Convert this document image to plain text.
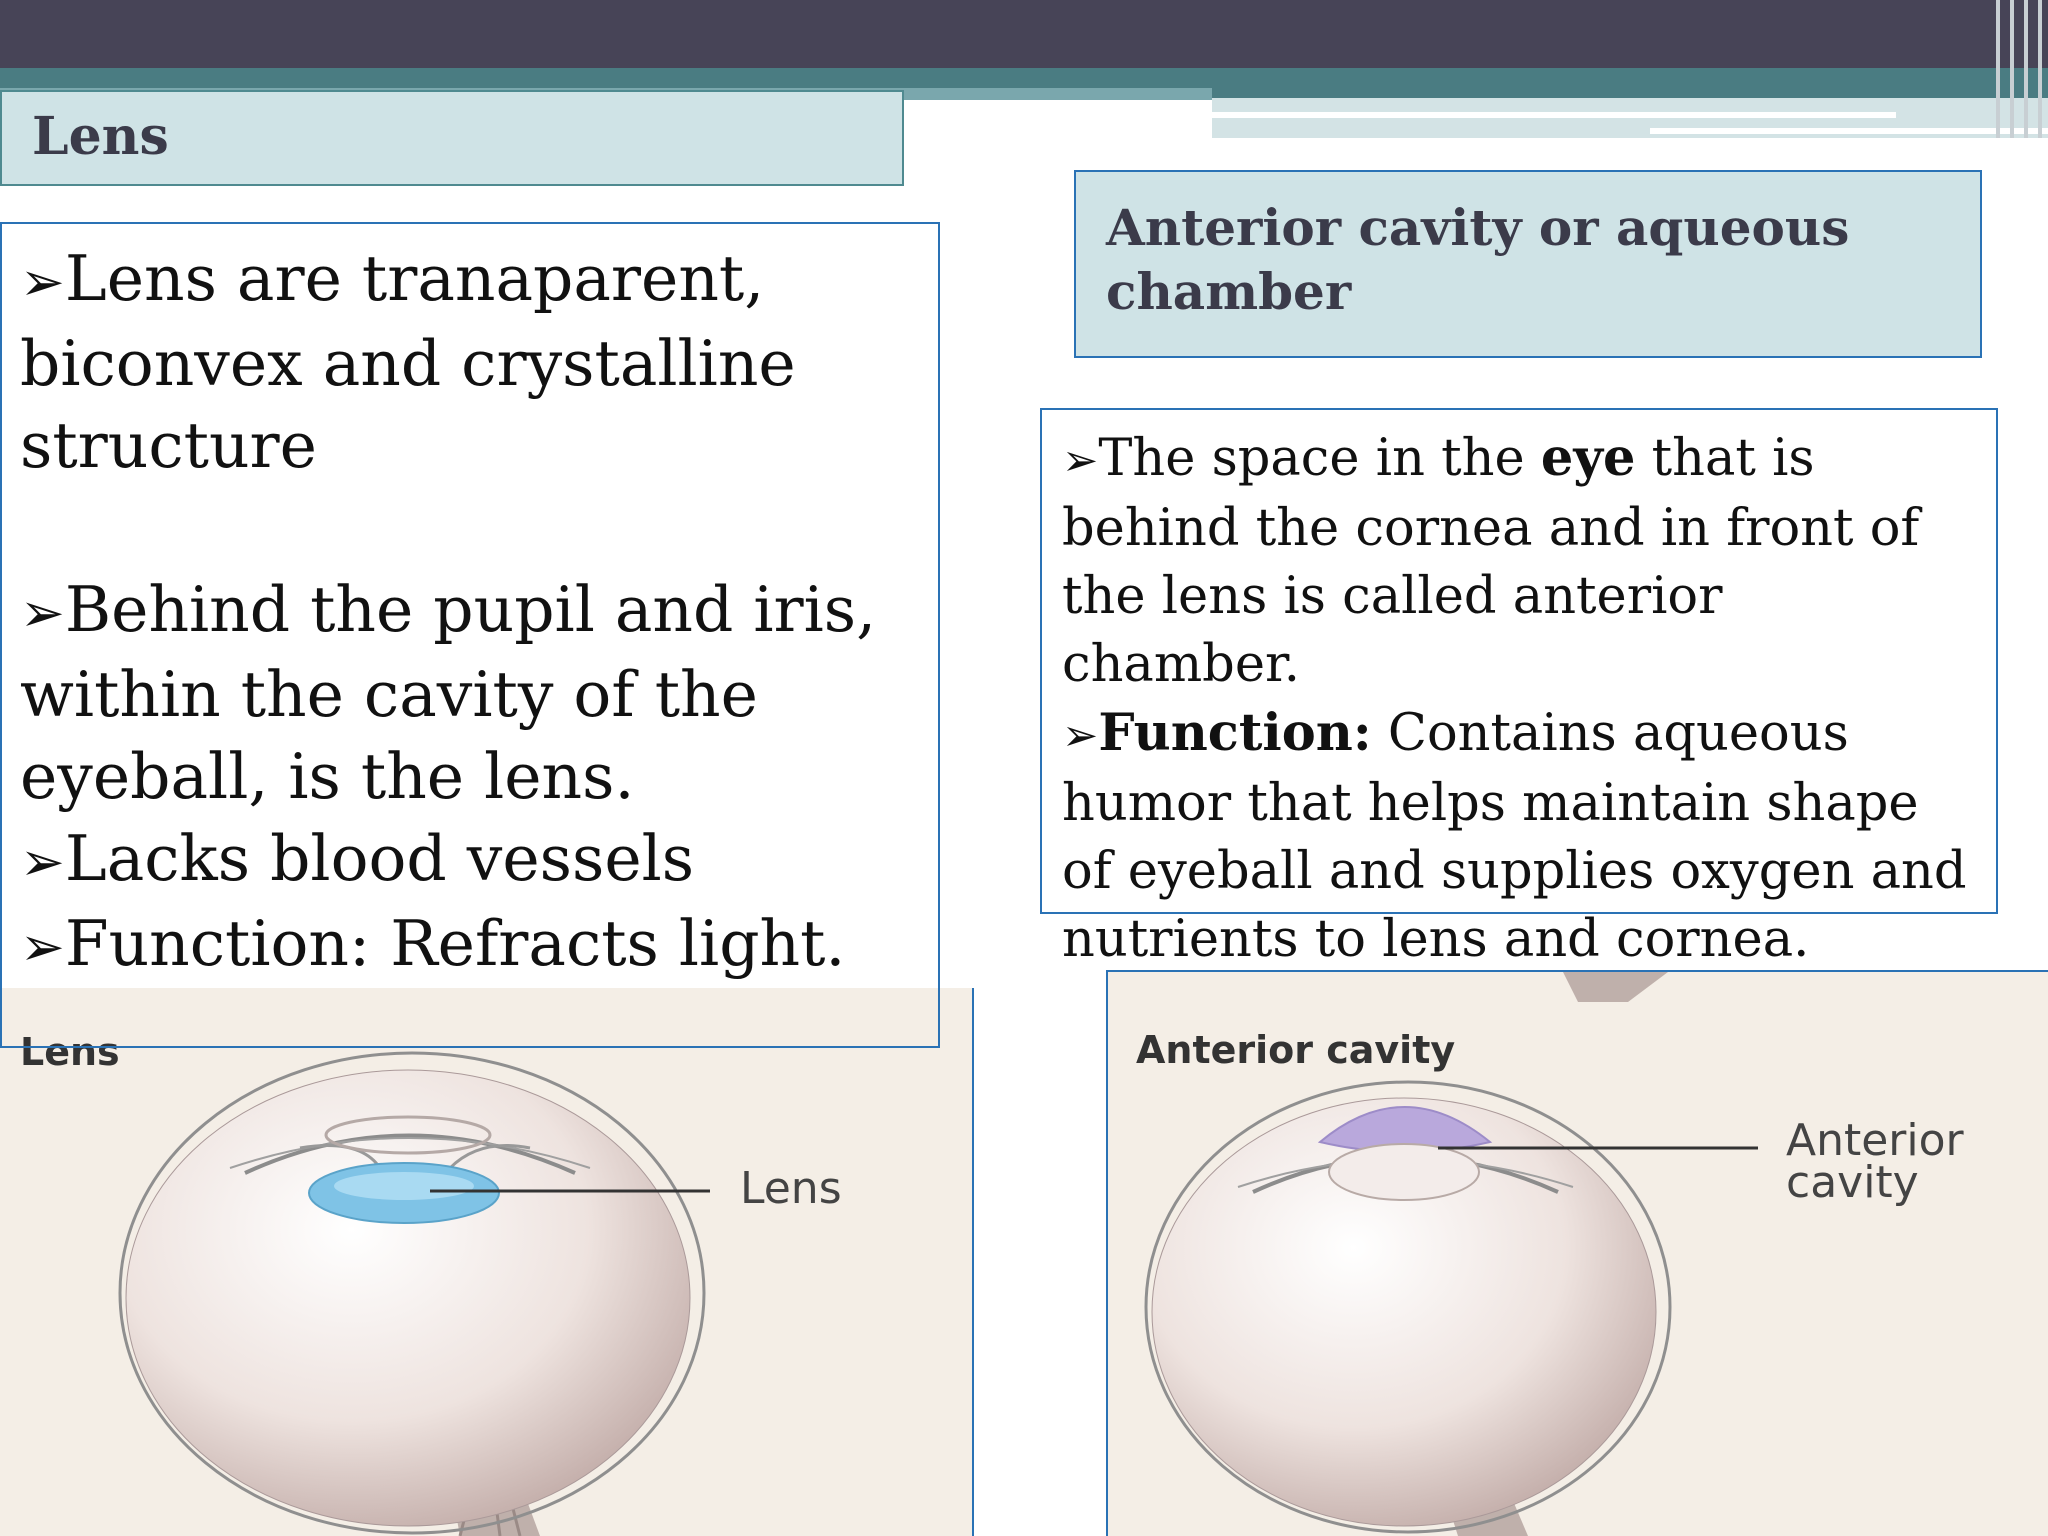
Lens
Anterior cavity or aqueous chamber

➢Lens are tranaparent, biconvex and crystalline structure

➢Behind the pupil and iris, within the cavity of the eyeball, is the lens.

➢Lacks blood vessels

➢Function: Refracts light.

➢The space in the eye that is behind the cornea and in front of the lens is called anterior chamber.

➢Function: Contains aqueous humor that helps maintain shape of eyeball and supplies oxygen and nutrients to lens and cornea.

Lens
Lens
Anterior cavity
Anterior
cavity
